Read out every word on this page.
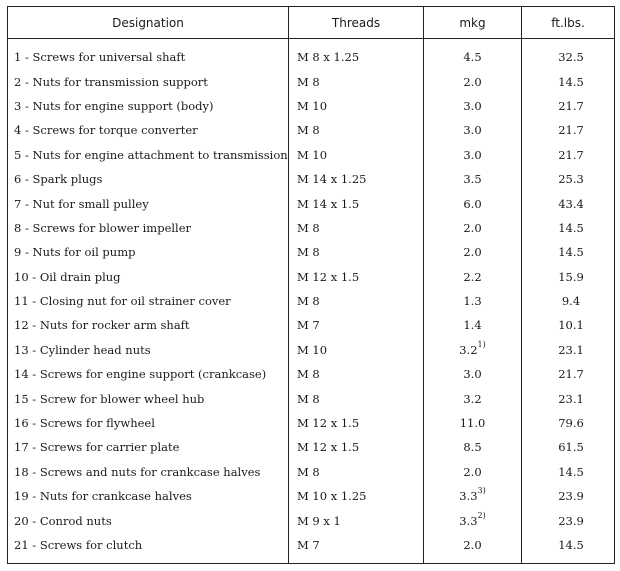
Designation	Threads	mkg	ft.lbs.
1 - Screws for universal shaft	M 8 x 1.25	4.5	32.5
2 - Nuts for transmission support	M 8	2.0	14.5
3 - Nuts for engine support (body)	M 10	3.0	21.7
4 - Screws for torque converter	M 8	3.0	21.7
5 - Nuts for engine attachment to transmission	M 10	3.0	21.7
6 - Spark plugs	M 14 x 1.25	3.5	25.3
7 - Nut for small pulley	M 14 x 1.5	6.0	43.4
8 - Screws for blower impeller	M 8	2.0	14.5
9 - Nuts for oil pump	M 8	2.0	14.5
10 - Oil drain plug	M 12 x 1.5	2.2	15.9
11 - Closing nut for oil strainer cover	M 8	1.3	9.4
12 - Nuts for rocker arm shaft	M 7	1.4	10.1
13 - Cylinder head nuts	M 10	3.2$^{1)}$	23.1
14 - Screws for engine support (crankcase)	M 8	3.0	21.7
15 - Screw for blower wheel hub	M 8	3.2	23.1
16 - Screws for flywheel	M 12 x 1.5	11.0	79.6
17 - Screws for carrier plate	M 12 x 1.5	8.5	61.5
18 - Screws and nuts for crankcase halves	M 8	2.0	14.5
19 - Nuts for crankcase halves	M 10 x 1.25	3.3$^{3)}$	23.9
20 - Conrod nuts	M 9 x 1	3.3$^{2)}$	23.9
21 - Screws for clutch	M 7	2.0	14.5
